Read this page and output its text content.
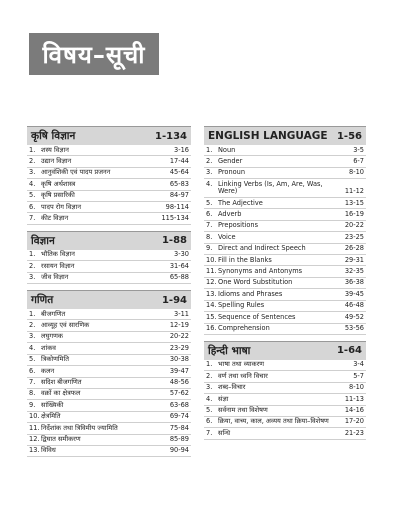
विषय–सूची
कृषि विज्ञान	1-134
1. शस्य विज्ञान	3-16
2. उद्यान विज्ञान	17-44
3. आनुवंशिकी एवं पादप प्रजनन	45-64
4. कृषि अर्थशास्त्र	65-83
5. कृषि प्रसारिकी	84-97
6. पादप रोग विज्ञान	98-114
7. कीट विज्ञान	115-134
विज्ञान	1-88
1. भौतिक विज्ञान	3-30
2. रसायन विज्ञान	31-64
3. जीव विज्ञान	65-88
गणित	1-94
1. बीजगणित	3-11
2. आव्यूह एवं सारणिक	12-19
3. लघुगणक	20-22
4. शांकव	23-29
5. त्रिकोणमिति	30-38
6. कलन	39-47
7. सदिश बीजगणित	48-56
8. वक्रों का क्षेत्रफल	57-62
9. सांख्यिकी	63-68
10. क्षेत्रमिति	69-74
11. निर्देशांक तथा त्रिविमीय ज्यामिति	75-84
12. द्विघात समीकरण	85-89
13. विविध	90-94
ENGLISH LANGUAGE 1-56
1. Noun	3-5
2. Gender	6-7
3. Pronoun	8-10
4. Linking Verbs (Is, Am, Are, Was, Were)	11-12
5. The Adjective	13-15
6. Adverb	16-19
7. Prepositions	20-22
8. Voice	23-25
9. Direct and Indirect Speech	26-28
10. Fill in the Blanks	29-31
11. Synonyms and Antonyms	32-35
12. One Word Substitution	36-38
13. Idioms and Phrases	39-45
14. Spelling Rules	46-48
15. Sequence of Sentences	49-52
16. Comprehension	53-56
हिन्दी भाषा	1-64
1. भाषा तथा व्याकरण	3-4
2. वर्ण तथा ध्वनि विचार	5-7
3. शब्द–विचार	8-10
4. संज्ञा	11-13
5. सर्वनाम तथा विशेषण	14-16
6. क्रिया, वाच्य, काल, अव्यय तथा क्रिया–विशेषण	17-20
7. सन्धि	21-23
